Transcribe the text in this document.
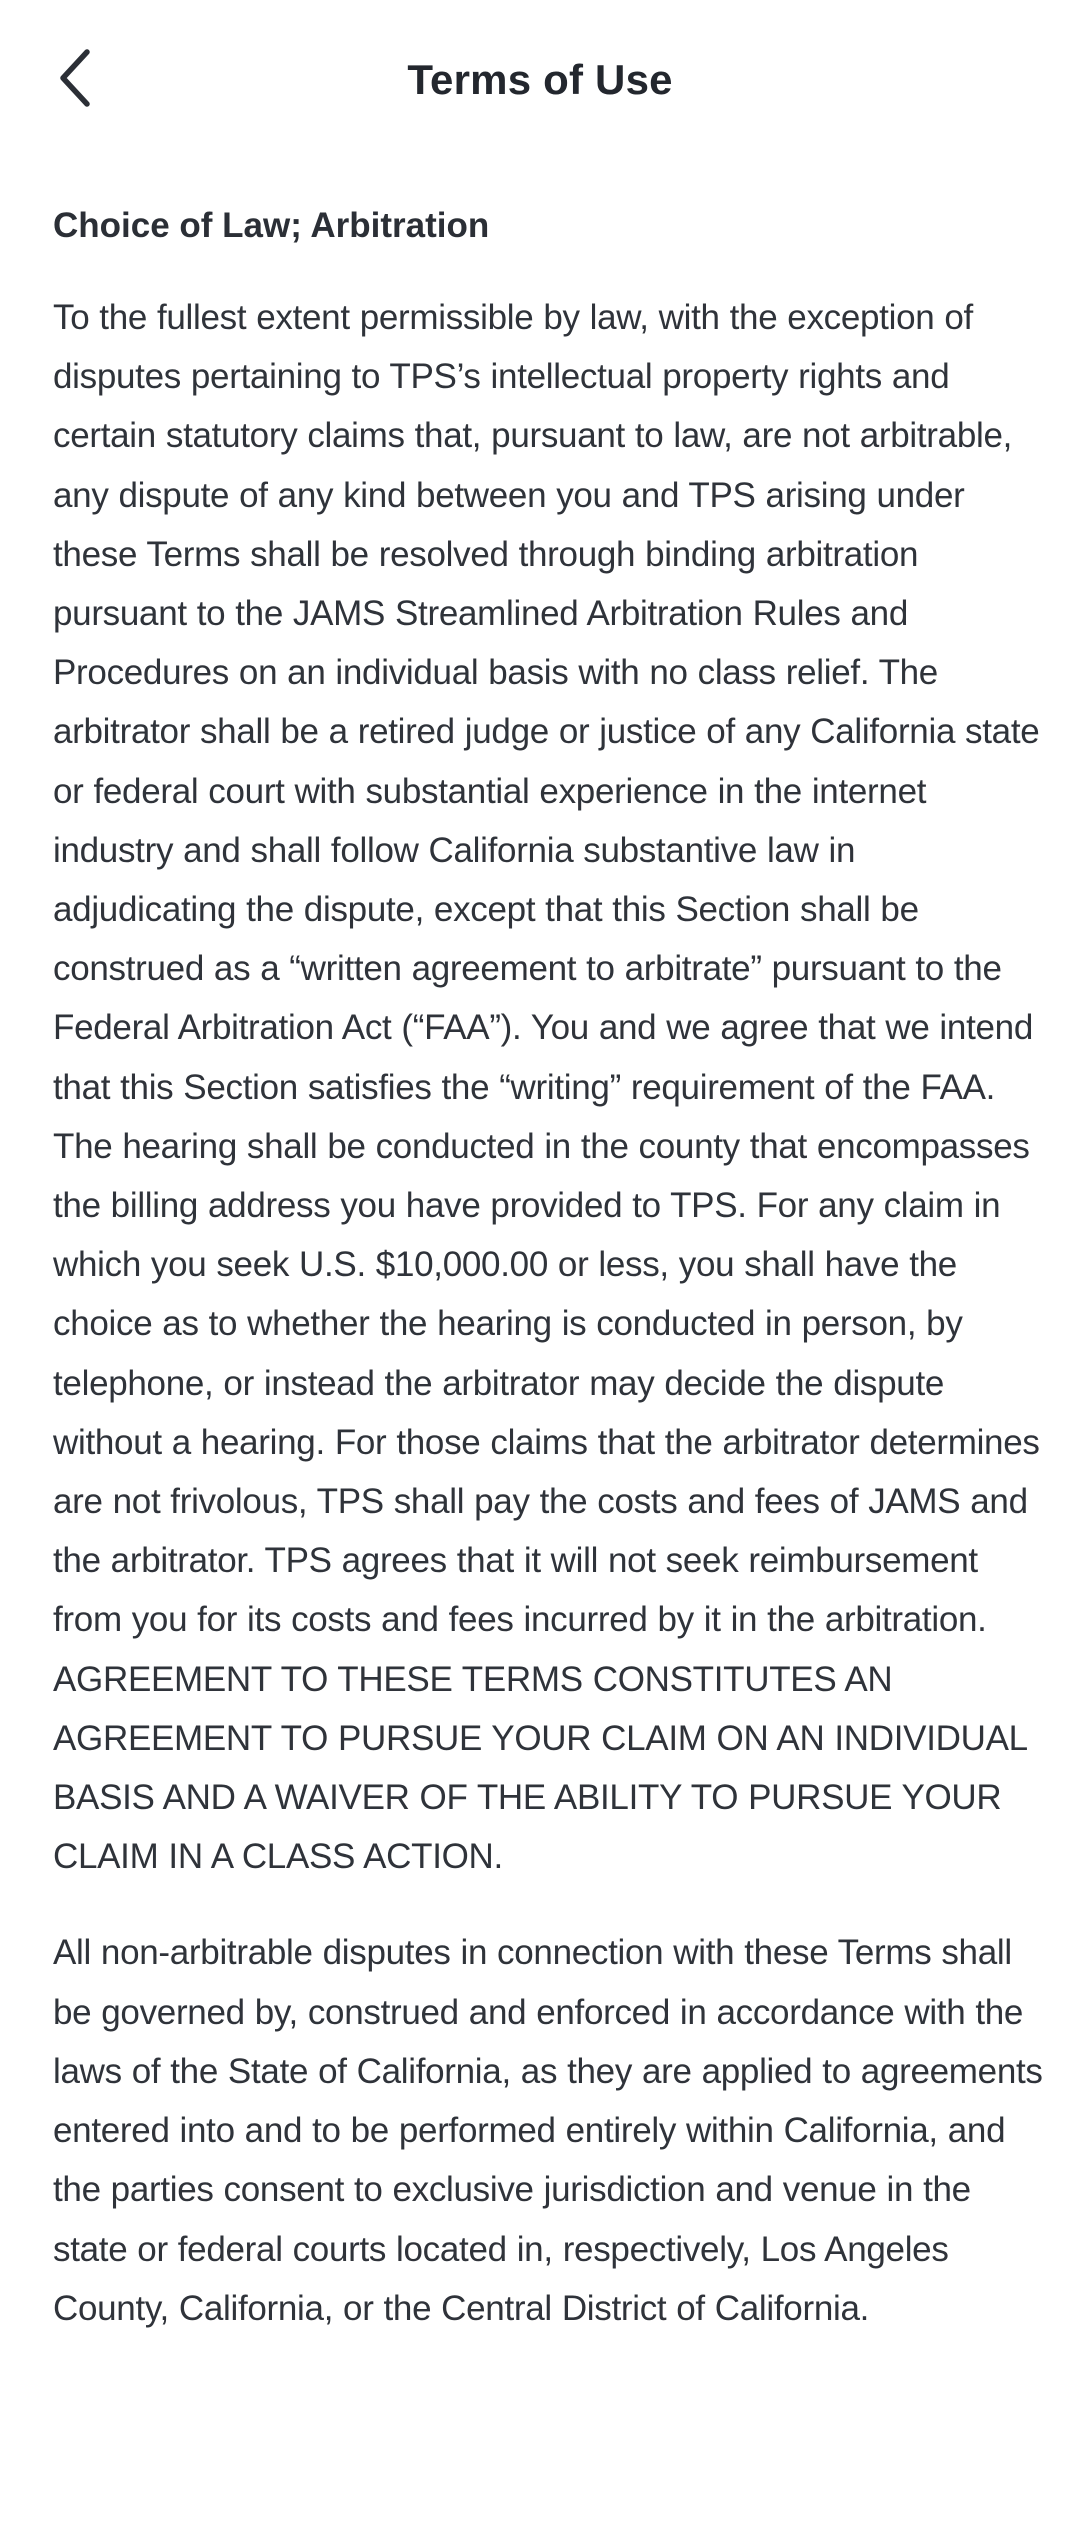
Terms of Use
Choice of Law; Arbitration

To the fullest extent permissible by law, with the exception of disputes pertaining to TPS’s intellectual property rights and certain statutory claims that, pursuant to law, are not arbitrable, any dispute of any kind between you and TPS arising under these Terms shall be resolved through binding arbitration pursuant to the JAMS Streamlined Arbitration Rules and Procedures on an individual basis with no class relief. The arbitrator shall be a retired judge or justice of any California state or federal court with substantial experience in the internet industry and shall follow California substantive law in adjudicating the dispute, except that this Section shall be construed as a “written agreement to arbitrate” pursuant to the Federal Arbitration Act (“FAA”). You and we agree that we intend that this Section satisfies the “writing” requirement of the FAA. The hearing shall be conducted in the county that encompasses the billing address you have provided to TPS. For any claim in which you seek U.S. $10,000.00 or less, you shall have the choice as to whether the hearing is conducted in person, by telephone, or instead the arbitrator may decide the dispute without a hearing. For those claims that the arbitrator determines are not frivolous, TPS shall pay the costs and fees of JAMS and the arbitrator. TPS agrees that it will not seek reimbursement from you for its costs and fees incurred by it in the arbitration. AGREEMENT TO THESE TERMS CONSTITUTES AN AGREEMENT TO PURSUE YOUR CLAIM ON AN INDIVIDUAL BASIS AND A WAIVER OF THE ABILITY TO PURSUE YOUR CLAIM IN A CLASS ACTION.

All non-arbitrable disputes in connection with these Terms shall be governed by, construed and enforced in accordance with the laws of the State of California, as they are applied to agreements entered into and to be performed entirely within California, and the parties consent to exclusive jurisdiction and venue in the state or federal courts located in, respectively, Los Angeles County, California, or the Central District of California.
